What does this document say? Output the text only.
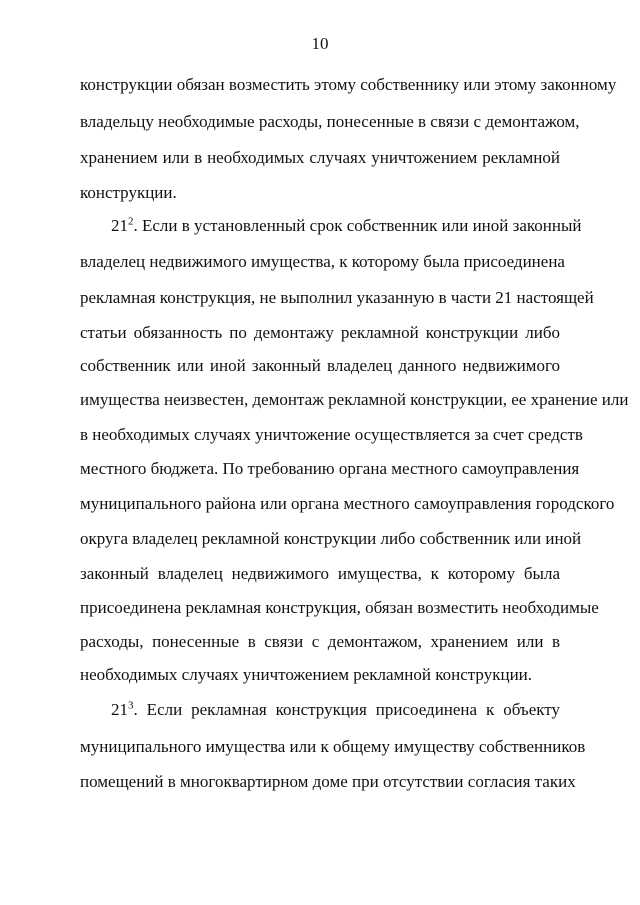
10
конструкции обязан возместить этому собственнику или этому законному
владельцу необходимые расходы, понесенные в связи с демонтажом,
хранением или в необходимых случаях уничтожением рекламной
конструкции.
$21^2$. Если в установленный срок собственник или иной законный
владелец недвижимого имущества, к которому была присоединена
рекламная конструкция, не выполнил указанную в части 21 настоящей
статьи обязанность по демонтажу рекламной конструкции либо
собственник или иной законный владелец данного недвижимого
имущества неизвестен, демонтаж рекламной конструкции, ее хранение или
в необходимых случаях уничтожение осуществляется за счет средств
местного бюджета. По требованию органа местного самоуправления
муниципального района или органа местного самоуправления городского
округа владелец рекламной конструкции либо собственник или иной
законный владелец недвижимого имущества, к которому была
присоединена рекламная конструкция, обязан возместить необходимые
расходы, понесенные в связи с демонтажом, хранением или в
необходимых случаях уничтожением рекламной конструкции.
$21^3$. Если рекламная конструкция присоединена к объекту
муниципального имущества или к общему имуществу собственников
помещений в многоквартирном доме при отсутствии согласия таких
